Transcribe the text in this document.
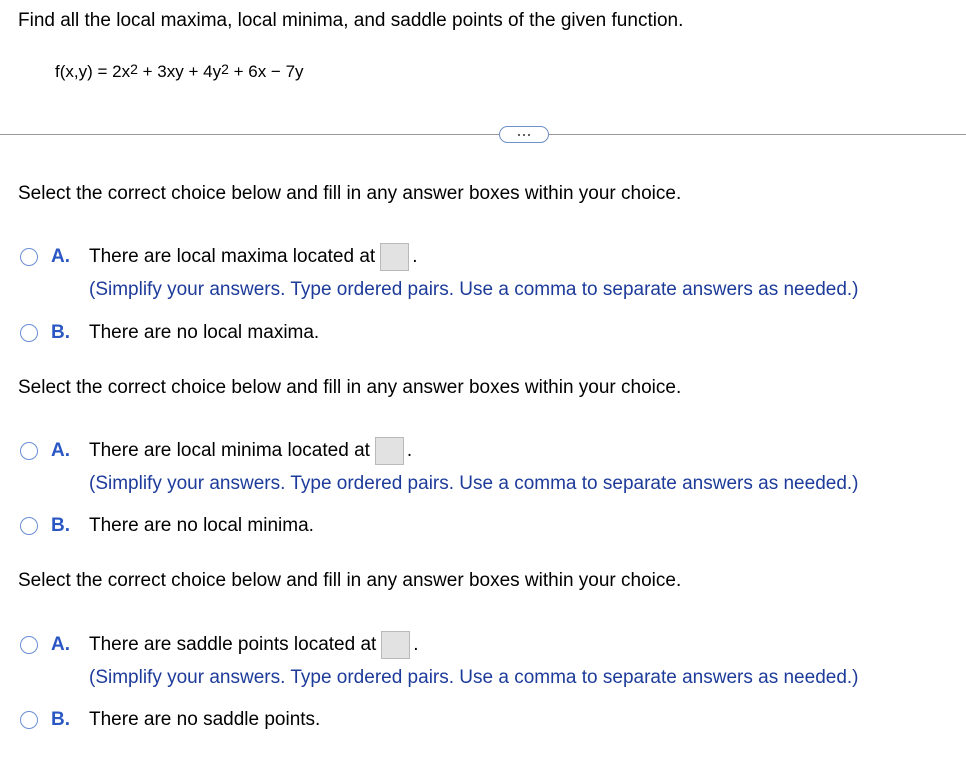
Find all the local maxima, local minima, and saddle points of the given function.
$f(x,y) = 2x^2 + 3xy + 4y^2 + 6x - 7y$
Select the correct choice below and fill in any answer boxes within your choice.
A.	There are local maxima located at .
(Simplify your answers. Type ordered pairs. Use a comma to separate answers as needed.)
B.	There are no local maxima.
Select the correct choice below and fill in any answer boxes within your choice.
A.	There are local minima located at .
(Simplify your answers. Type ordered pairs. Use a comma to separate answers as needed.)
B.	There are no local minima.
Select the correct choice below and fill in any answer boxes within your choice.
A.	There are saddle points located at .
(Simplify your answers. Type ordered pairs. Use a comma to separate answers as needed.)
B.	There are no saddle points.
